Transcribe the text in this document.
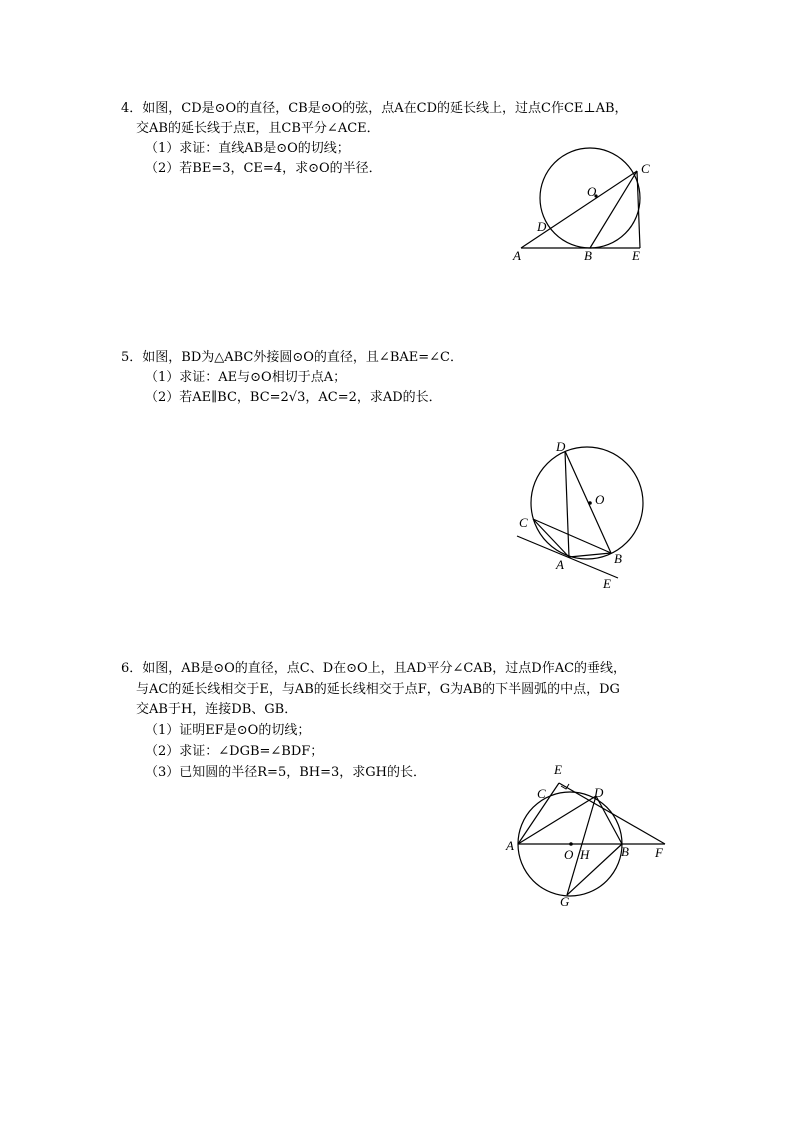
4．如图，CD是⊙O的直径，CB是⊙O的弦，点A在CD的延长线上，过点C作CE⊥AB，
交AB的延长线于点E，且CB平分∠ACE．
（1）求证：直线AB是⊙O的切线；
（2）若BE=3，CE=4，求⊙O的半径．	C
O
D
A	B	E
5．如图，BD为△ABC外接圆⊙O的直径，且∠BAE=∠C．
（1）求证：AE与⊙O相切于点A；
（2）若AE∥BC，BC=2√3，AC=2，求AD的长．
D
O
C
B
A
E
6．如图，AB是⊙O的直径，点C、D在⊙O上，且AD平分∠CAB，过点D作AC的垂线，
与AC的延长线相交于E，与AB的延长线相交于点F，G为AB的下半圆弧的中点，DG
交AB于H，连接DB、GB．
（1）证明EF是⊙O的切线；
（2）求证：∠DGB=∠BDF；
（3）已知圆的半径R=5，BH=3，求GH的长．	E
C	D
A
O H B F
G
